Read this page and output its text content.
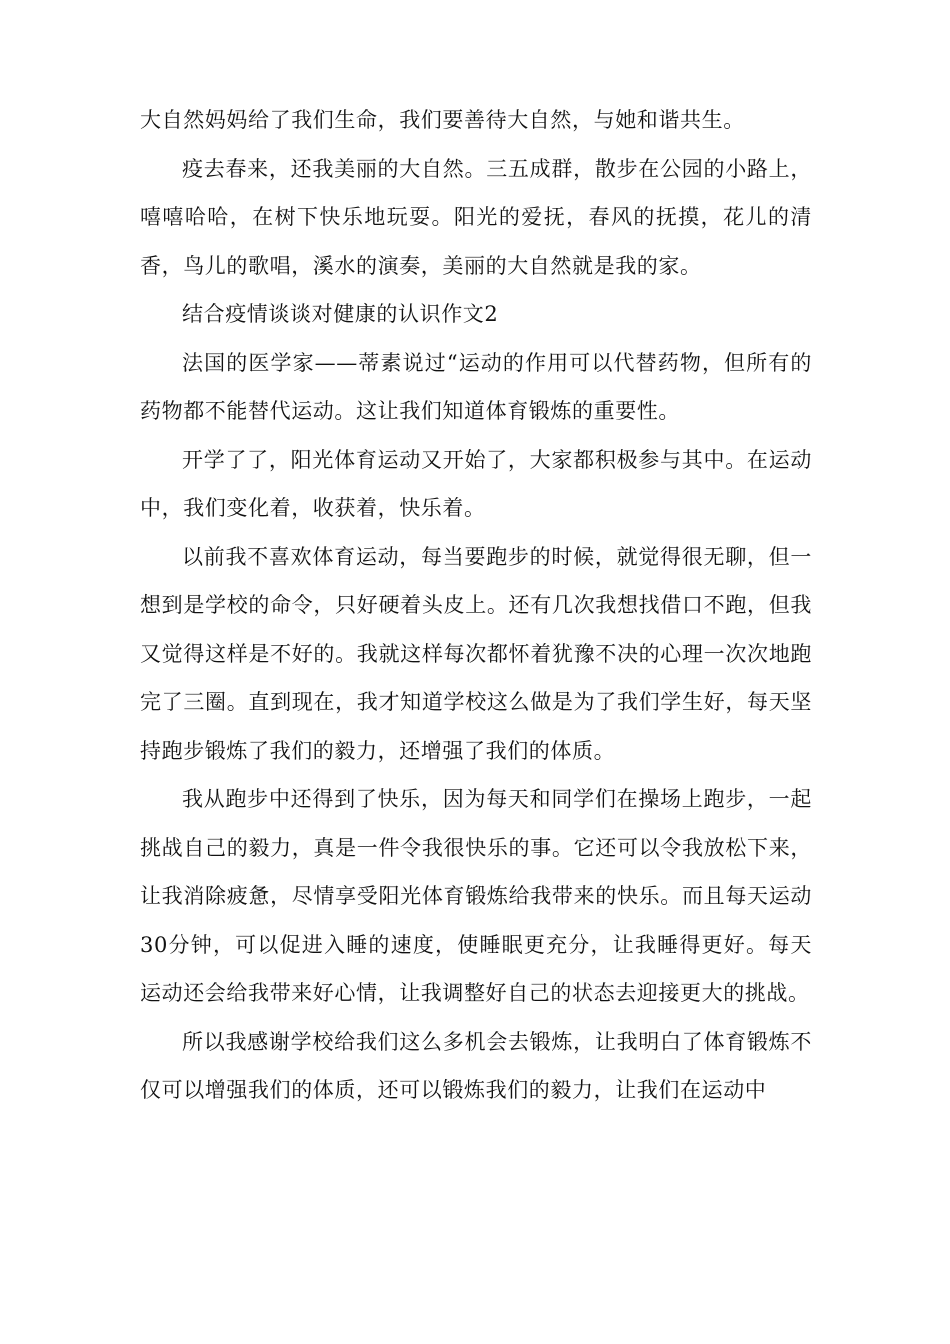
大自然妈妈给了我们生命，我们要善待大自然，与她和谐共生。

疫去春来，还我美丽的大自然。三五成群，散步在公园的小路上，嘻嘻哈哈，在树下快乐地玩耍。阳光的爱抚，春风的抚摸，花儿的清香，鸟儿的歌唱，溪水的演奏，美丽的大自然就是我的家。

结合疫情谈谈对健康的认识作文2

法国的医学家——蒂素说过“运动的作用可以代替药物，但所有的药物都不能替代运动。这让我们知道体育锻炼的重要性。

开学了了，阳光体育运动又开始了，大家都积极参与其中。在运动中，我们变化着，收获着，快乐着。

以前我不喜欢体育运动，每当要跑步的时候，就觉得很无聊，但一想到是学校的命令，只好硬着头皮上。还有几次我想找借口不跑，但我又觉得这样是不好的。我就这样每次都怀着犹豫不决的心理一次次地跑完了三圈。直到现在，我才知道学校这么做是为了我们学生好，每天坚持跑步锻炼了我们的毅力，还增强了我们的体质。

我从跑步中还得到了快乐，因为每天和同学们在操场上跑步，一起挑战自己的毅力，真是一件令我很快乐的事。它还可以令我放松下来，让我消除疲惫，尽情享受阳光体育锻炼给我带来的快乐。而且每天运动30分钟，可以促进入睡的速度，使睡眠更充分，让我睡得更好。每天运动还会给我带来好心情，让我调整好自己的状态去迎接更大的挑战。

所以我感谢学校给我们这么多机会去锻炼，让我明白了体育锻炼不仅可以增强我们的体质，还可以锻炼我们的毅力，让我们在运动中
